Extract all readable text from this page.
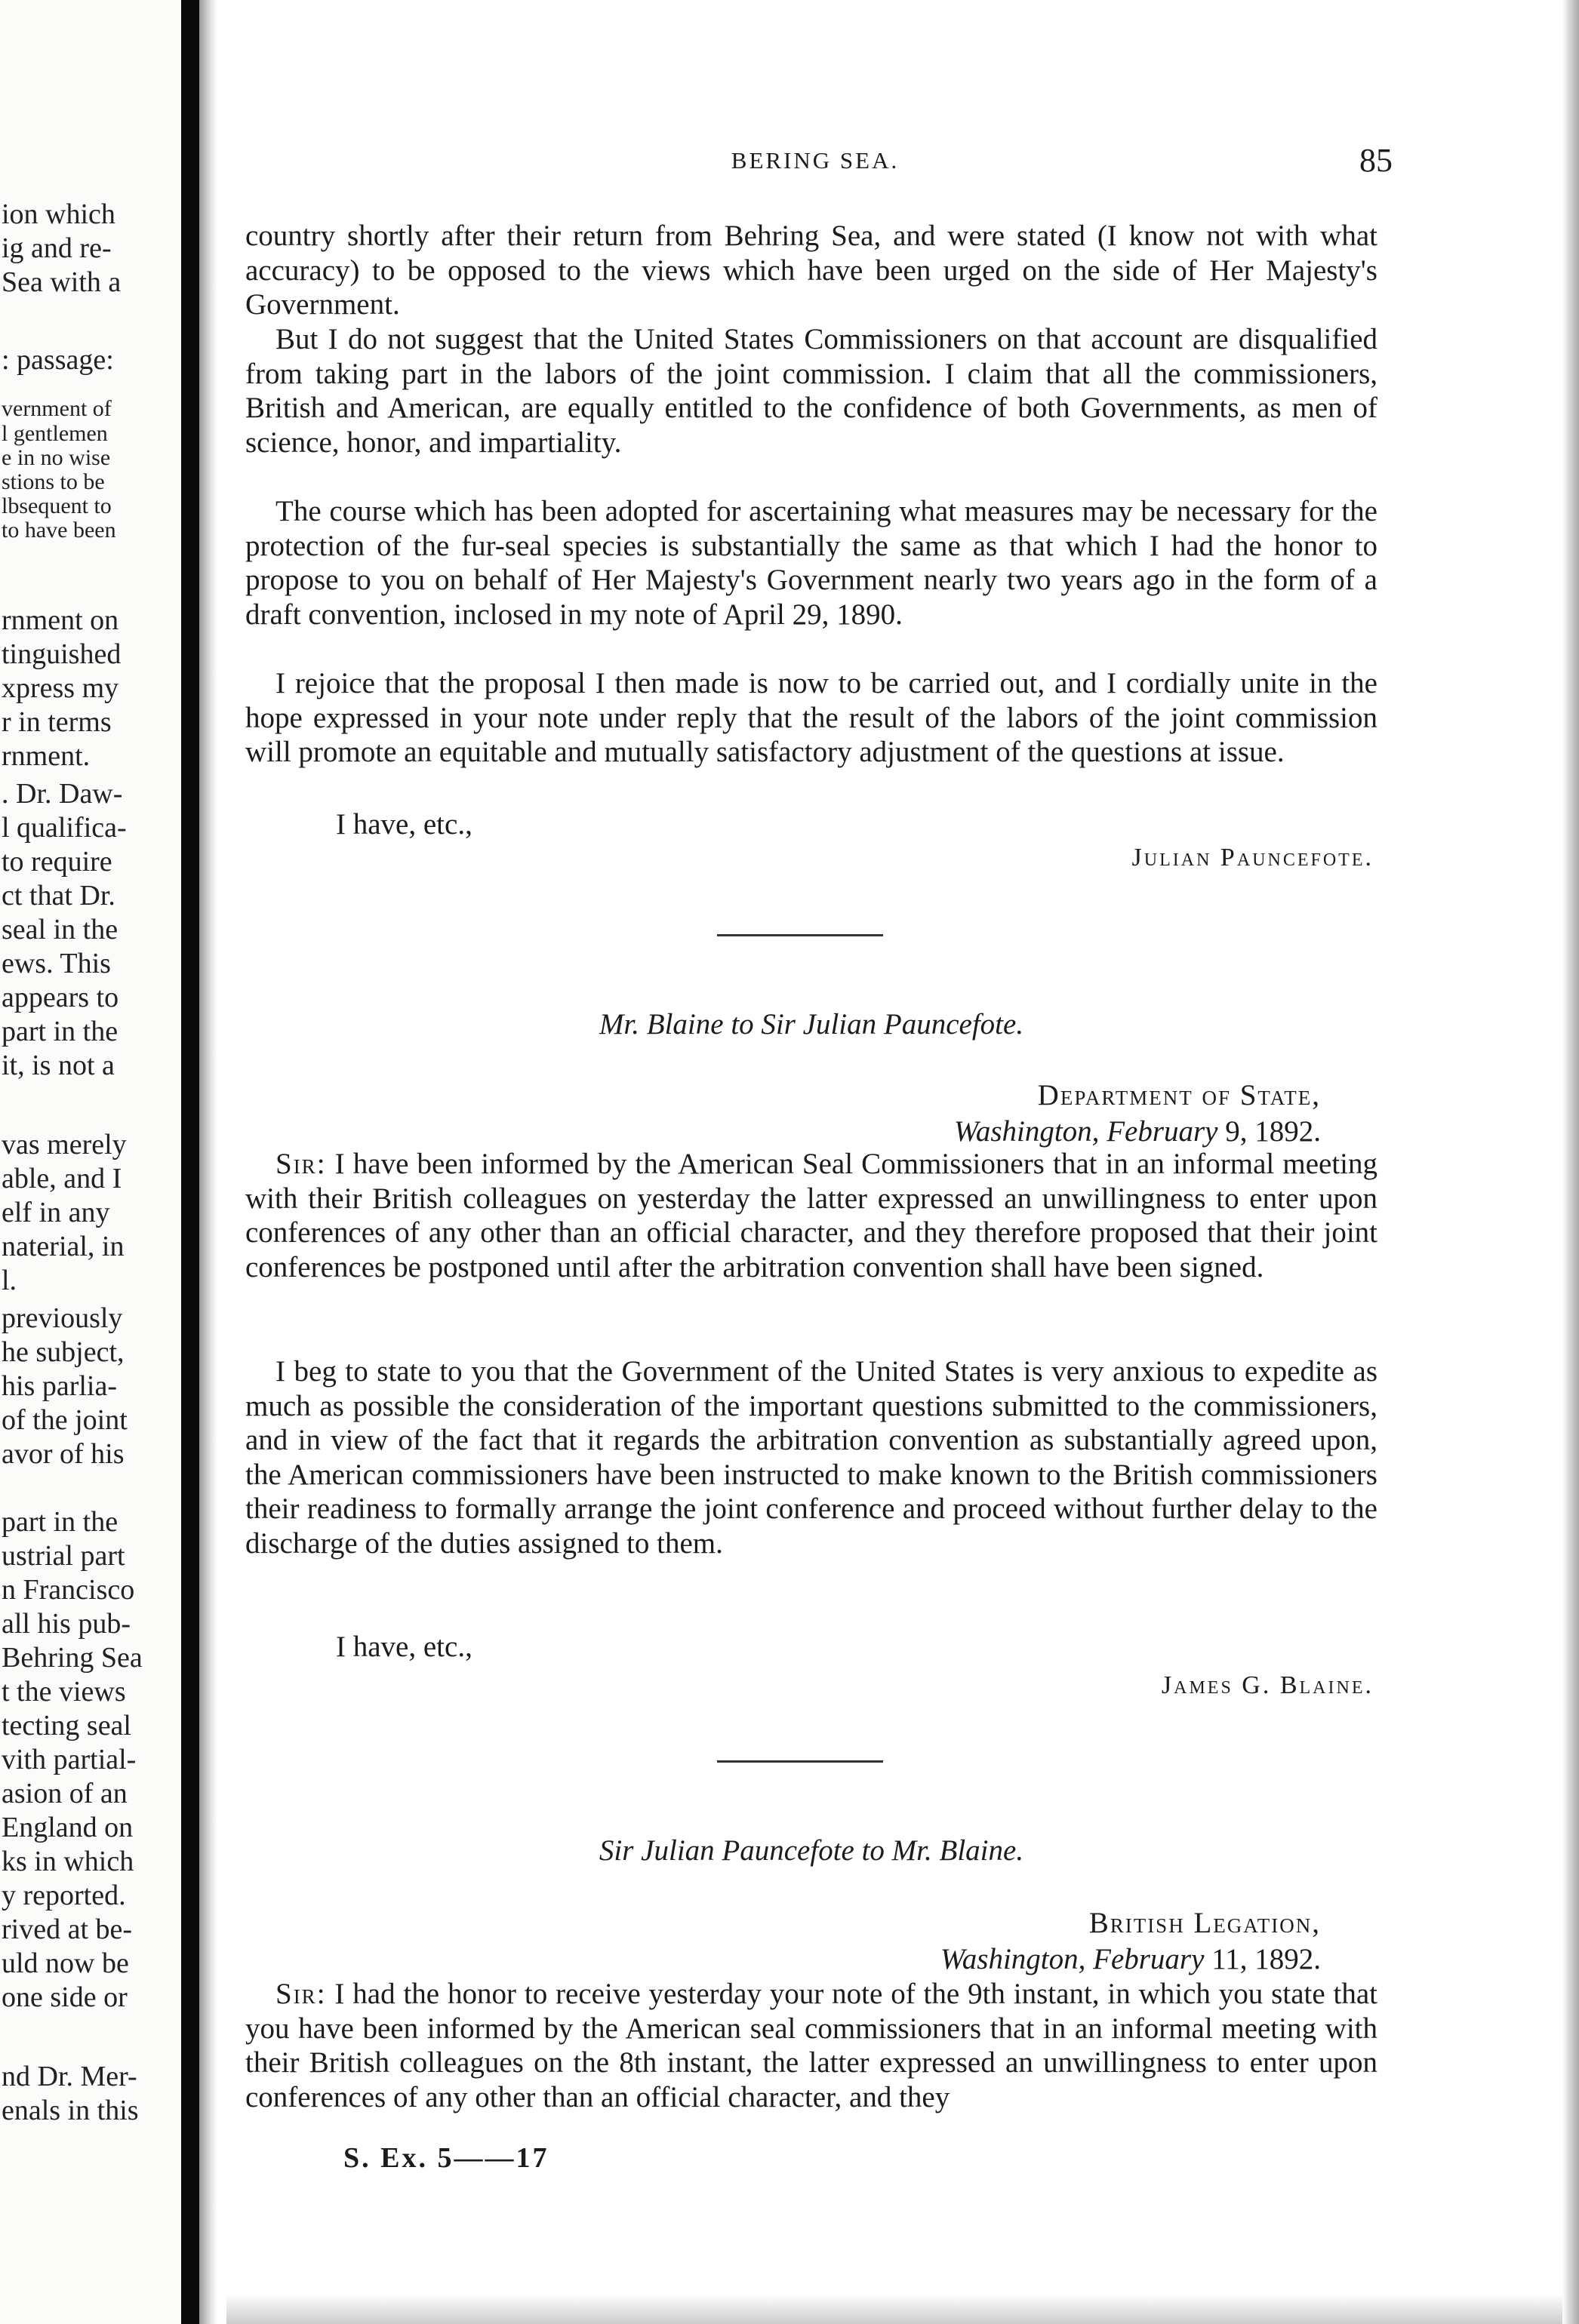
ion which
ig and re-
Sea with a
: passage:
vernment of
l gentlemen
e in no wise
stions to be
lbsequent to
to have been
rnment on
tinguished
xpress my
r in terms
rnment.
. Dr. Daw-
l qualifica-
to require
ct that Dr.
seal in the
ews. This
appears to
part in the
it, is not a
vas merely
able, and I
elf in any
naterial, in
l.
previously
he subject,
his parlia-
of the joint
avor of his
part in the
ustrial part
n Francisco
all his pub-
Behring Sea
t the views
tecting seal
vith partial-
asion of an
England on
ks in which
y reported.
rived at be-
uld now be
one side or
nd Dr. Mer-
enals in this
BERING SEA.	85

country shortly after their return from Behring Sea, and were stated (I know not with what accuracy) to be opposed to the views which have been urged on the side of Her Majesty's Government.

But I do not suggest that the United States Commissioners on that account are disqualified from taking part in the labors of the joint commission. I claim that all the commissioners, British and American, are equally entitled to the confidence of both Governments, as men of science, honor, and impartiality.

The course which has been adopted for ascertaining what measures may be necessary for the protection of the fur-seal species is substantially the same as that which I had the honor to propose to you on behalf of Her Majesty's Government nearly two years ago in the form of a draft convention, inclosed in my note of April 29, 1890.

I rejoice that the proposal I then made is now to be carried out, and I cordially unite in the hope expressed in your note under reply that the result of the labors of the joint commission will promote an equitable and mutually satisfactory adjustment of the questions at issue.

I have, etc.,
Julian Pauncefote.
Mr. Blaine to Sir Julian Pauncefote.
Department of State,
Washington, February 9, 1892.

Sir: I have been informed by the American Seal Commissioners that in an informal meeting with their British colleagues on yesterday the latter expressed an unwillingness to enter upon conferences of any other than an official character, and they therefore proposed that their joint conferences be postponed until after the arbitration convention shall have been signed.

I beg to state to you that the Government of the United States is very anxious to expedite as much as possible the consideration of the important questions submitted to the commissioners, and in view of the fact that it regards the arbitration convention as substantially agreed upon, the American commissioners have been instructed to make known to the British commissioners their readiness to formally arrange the joint conference and proceed without further delay to the discharge of the duties assigned to them.

I have, etc.,
James G. Blaine.
Sir Julian Pauncefote to Mr. Blaine.
British Legation,
Washington, February 11, 1892.

Sir: I had the honor to receive yesterday your note of the 9th instant, in which you state that you have been informed by the American seal commissioners that in an informal meeting with their British colleagues on the 8th instant, the latter expressed an unwillingness to enter upon conferences of any other than an official character, and they

S. Ex. 5——17
